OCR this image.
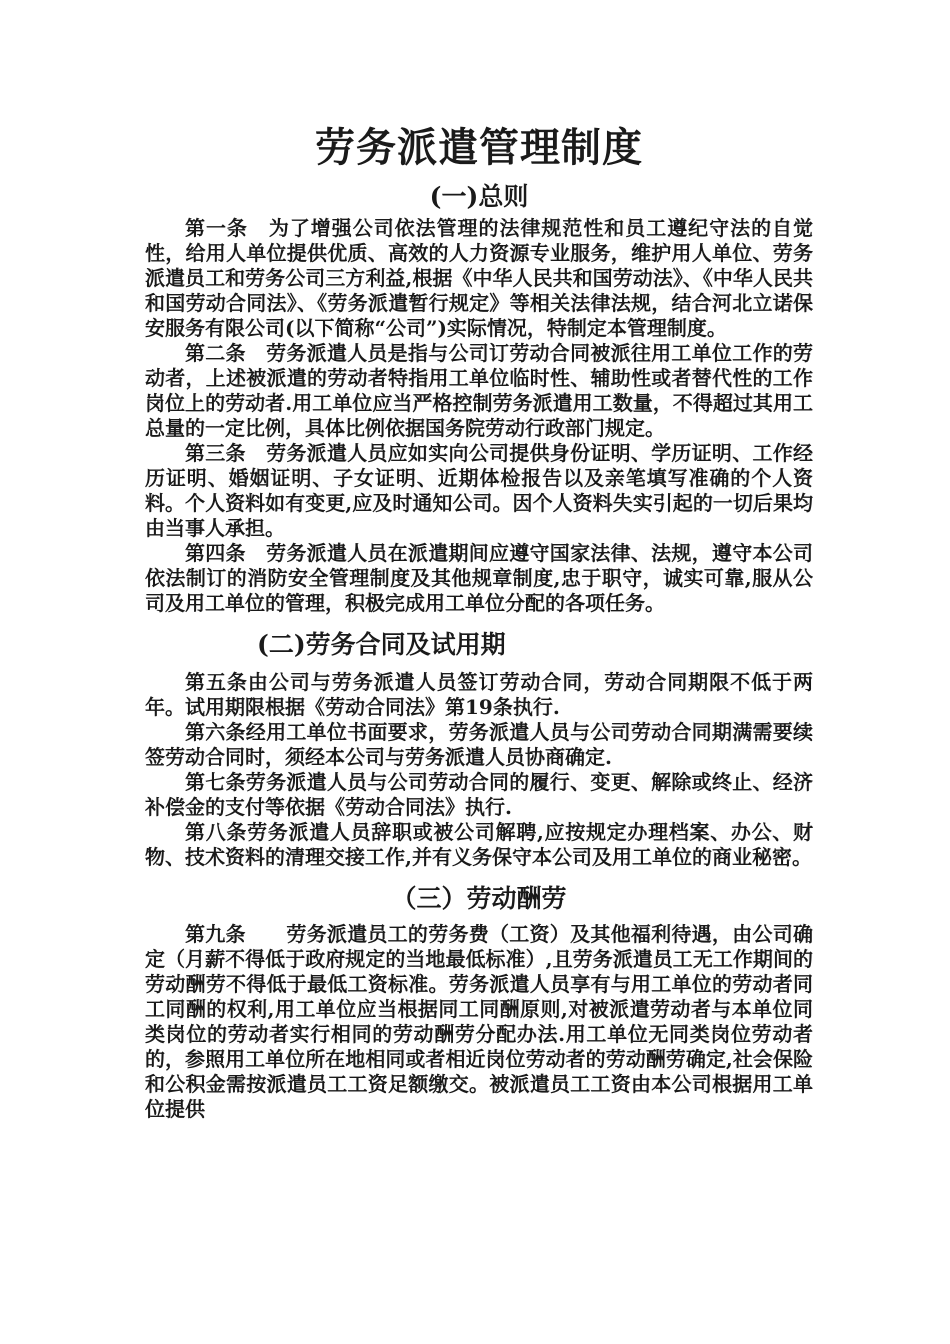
劳务派遣管理制度
(一)总则

第一条　为了增强公司依法管理的法律规范性和员工遵纪守法的自觉性，给用人单位提供优质、高效的人力资源专业服务，维护用人单位、劳务派遣员工和劳务公司三方利益,根据《中华人民共和国劳动法》、《中华人民共和国劳动合同法》、《劳务派遣暂行规定》等相关法律法规，结合河北立诺保安服务有限公司(以下简称“公司”)实际情况，特制定本管理制度。

第二条　劳务派遣人员是指与公司订劳动合同被派往用工单位工作的劳动者，上述被派遣的劳动者特指用工单位临时性、辅助性或者替代性的工作岗位上的劳动者.用工单位应当严格控制劳务派遣用工数量，不得超过其用工总量的一定比例，具体比例依据国务院劳动行政部门规定。

第三条　劳务派遣人员应如实向公司提供身份证明、学历证明、工作经历证明、婚姻证明、子女证明、近期体检报告以及亲笔填写准确的个人资料。个人资料如有变更,应及时通知公司。因个人资料失实引起的一切后果均由当事人承担。

第四条　劳务派遣人员在派遣期间应遵守国家法律、法规，遵守本公司依法制订的消防安全管理制度及其他规章制度,忠于职守，诚实可靠,服从公司及用工单位的管理，积极完成用工单位分配的各项任务。

(二)劳务合同及试用期

第五条由公司与劳务派遣人员签订劳动合同，劳动合同期限不低于两年。试用期限根据《劳动合同法》第19条执行.

第六条经用工单位书面要求，劳务派遣人员与公司劳动合同期满需要续签劳动合同时，须经本公司与劳务派遣人员协商确定.

第七条劳务派遣人员与公司劳动合同的履行、变更、解除或终止、经济补偿金的支付等依据《劳动合同法》执行.

第八条劳务派遣人员辞职或被公司解聘,应按规定办理档案、办公、财物、技术资料的清理交接工作,并有义务保守本公司及用工单位的商业秘密。

（三）劳动酬劳

第九条　　劳务派遣员工的劳务费（工资）及其他福利待遇，由公司确定（月薪不得低于政府规定的当地最低标准）,且劳务派遣员工无工作期间的劳动酬劳不得低于最低工资标准。劳务派遣人员享有与用工单位的劳动者同工同酬的权利,用工单位应当根据同工同酬原则,对被派遣劳动者与本单位同类岗位的劳动者实行相同的劳动酬劳分配办法.用工单位无同类岗位劳动者的，参照用工单位所在地相同或者相近岗位劳动者的劳动酬劳确定,社会保险和公积金需按派遣员工工资足额缴交。被派遣员工工资由本公司根据用工单位提供
